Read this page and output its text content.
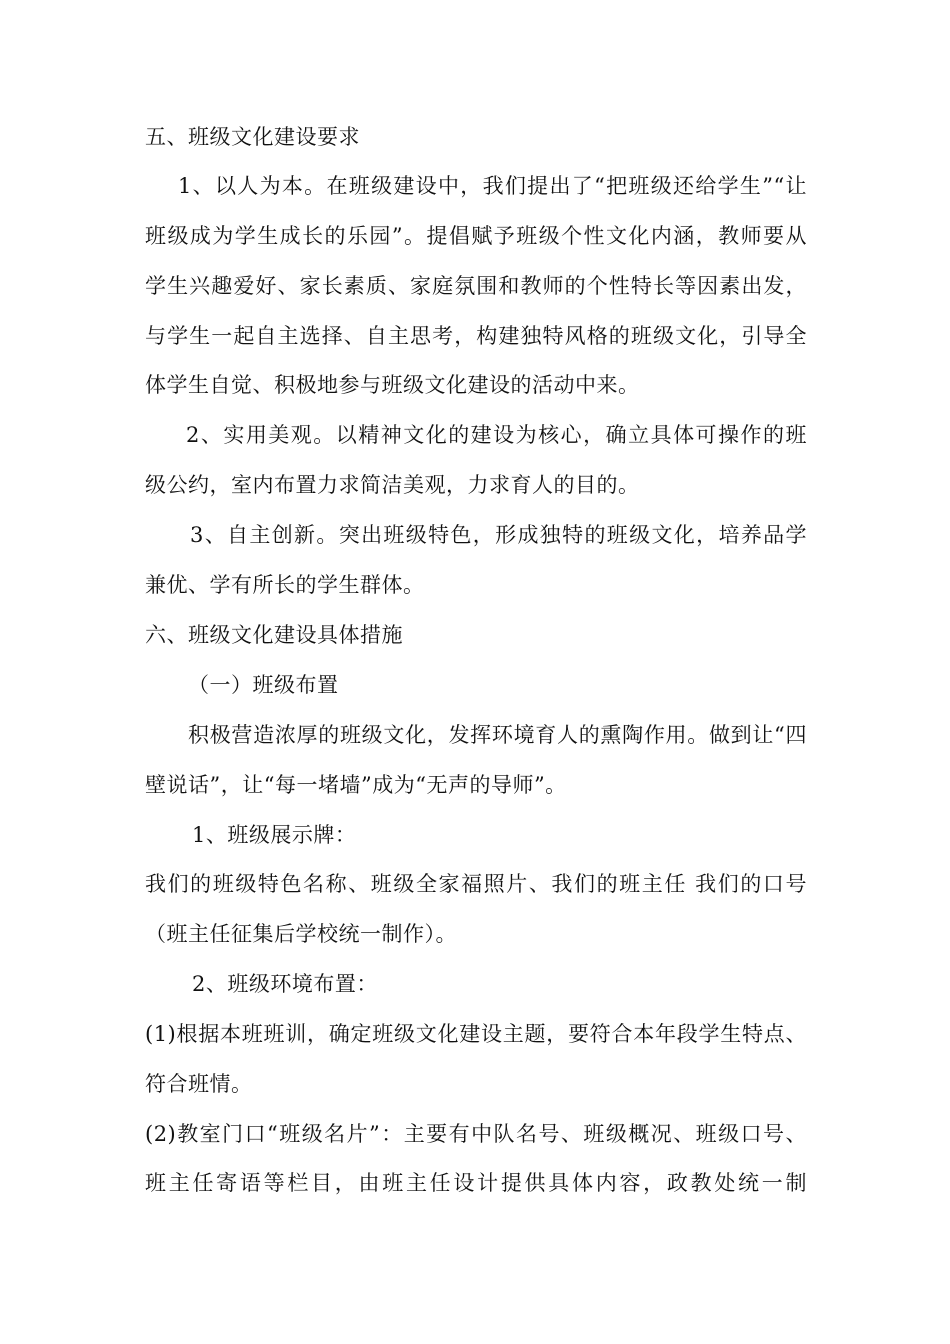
五、班级文化建设要求
1、以人为本。在班级建设中，我们提出了“把班级还给学生”“让
班级成为学生成长的乐园”。提倡赋予班级个性文化内涵，教师要从
学生兴趣爱好、家长素质、家庭氛围和教师的个性特长等因素出发，
与学生一起自主选择、自主思考，构建独特风格的班级文化，引导全
体学生自觉、积极地参与班级文化建设的活动中来。
2、实用美观。以精神文化的建设为核心，确立具体可操作的班
级公约，室内布置力求简洁美观，力求育人的目的。
3、自主创新。突出班级特色，形成独特的班级文化，培养品学
兼优、学有所长的学生群体。
六、班级文化建设具体措施
（一）班级布置
积极营造浓厚的班级文化，发挥环境育人的熏陶作用。做到让“四
壁说话”，让“每一堵墙”成为“无声的导师”。
1、班级展示牌：
我们的班级特色名称、班级全家福照片、我们的班主任 我们的口号
（班主任征集后学校统一制作）。
2、班级环境布置：
(1)根据本班班训，确定班级文化建设主题，要符合本年段学生特点、
符合班情。
(2)教室门口“班级名片”：主要有中队名号、班级概况、班级口号、
班主任寄语等栏目，由班主任设计提供具体内容，政教处统一制
